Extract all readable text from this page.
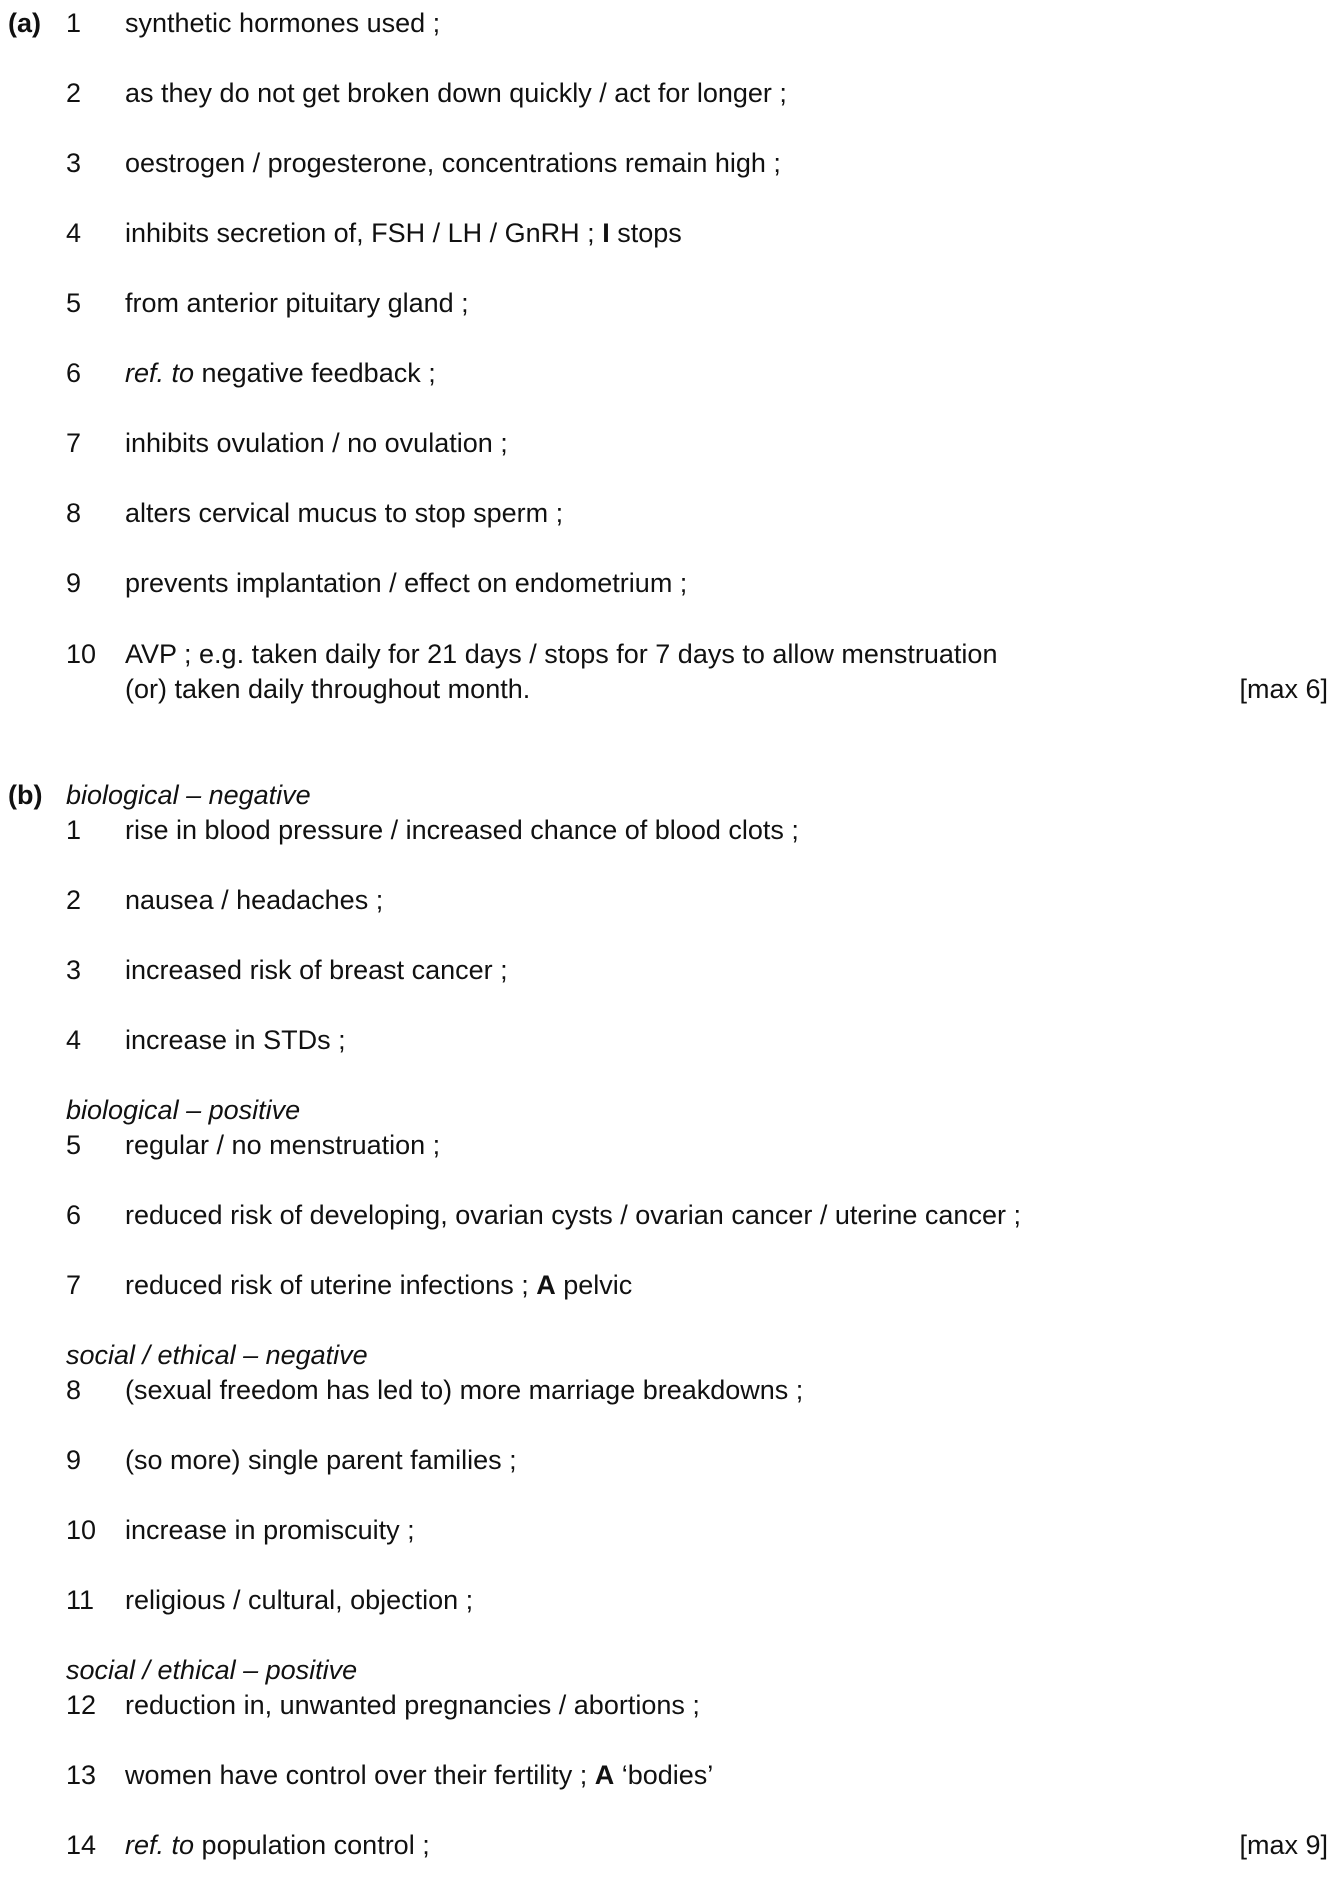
(a) 1 synthetic hormones used ;
2 as they do not get broken down quickly / act for longer ;
3 oestrogen / progesterone, concentrations remain high ;
4 inhibits secretion of, FSH / LH / GnRH ; I stops
5 from anterior pituitary gland ;
6 ref. to negative feedback ;
7 inhibits ovulation / no ovulation ;
8 alters cervical mucus to stop sperm ;
9 prevents implantation / effect on endometrium ;
10 AVP ; e.g. taken daily for 21 days / stops for 7 days to allow menstruation
(or) taken daily throughout month.	[max 6]
(b) biological – negative
1 rise in blood pressure / increased chance of blood clots ;
2 nausea / headaches ;
3 increased risk of breast cancer ;
4 increase in STDs ;
biological – positive
5 regular / no menstruation ;
6 reduced risk of developing, ovarian cysts / ovarian cancer / uterine cancer ;
7 reduced risk of uterine infections ; A pelvic
social / ethical – negative
8 (sexual freedom has led to) more marriage breakdowns ;
9 (so more) single parent families ;
10 increase in promiscuity ;
11 religious / cultural, objection ;
social / ethical – positive
12 reduction in, unwanted pregnancies / abortions ;
13 women have control over their fertility ; A ‘bodies’
14 ref. to population control ;	[max 9]
